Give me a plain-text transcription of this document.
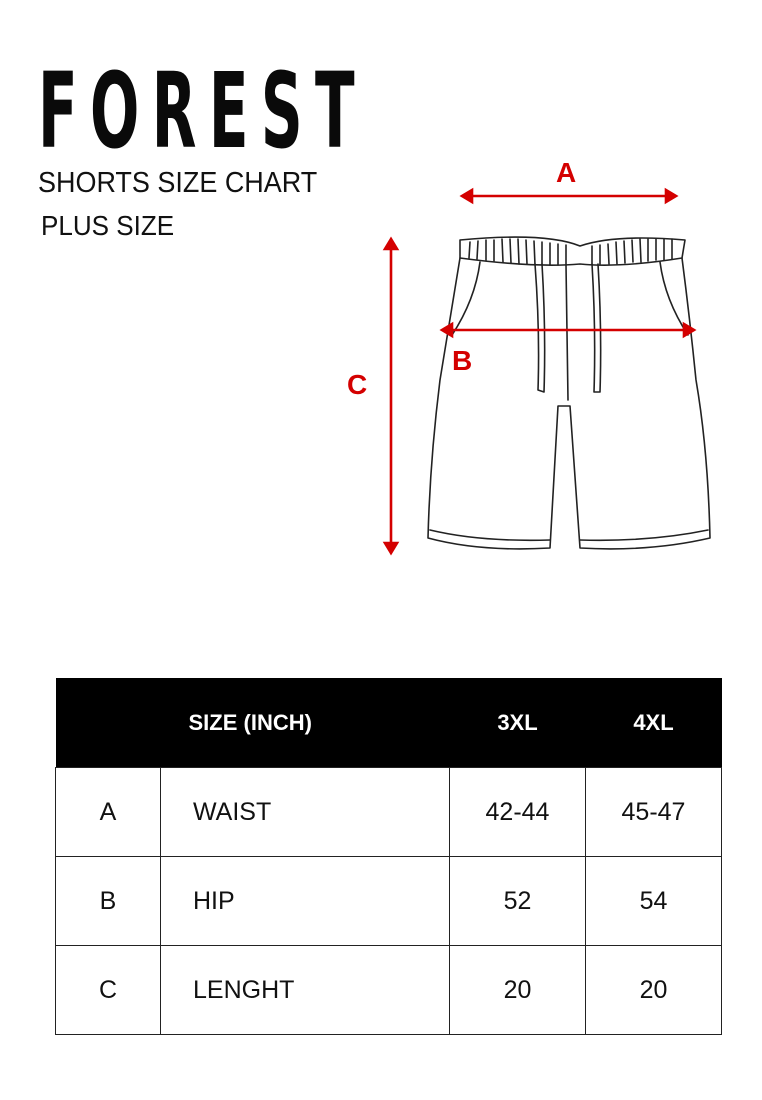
FOREST
SHORTS SIZE CHART
PLUS SIZE
A
B
C
	SIZE (INCH)	3XL	4XL
A	WAIST	42-44	45-47
B	HIP	52	54
C	LENGHT	20	20
